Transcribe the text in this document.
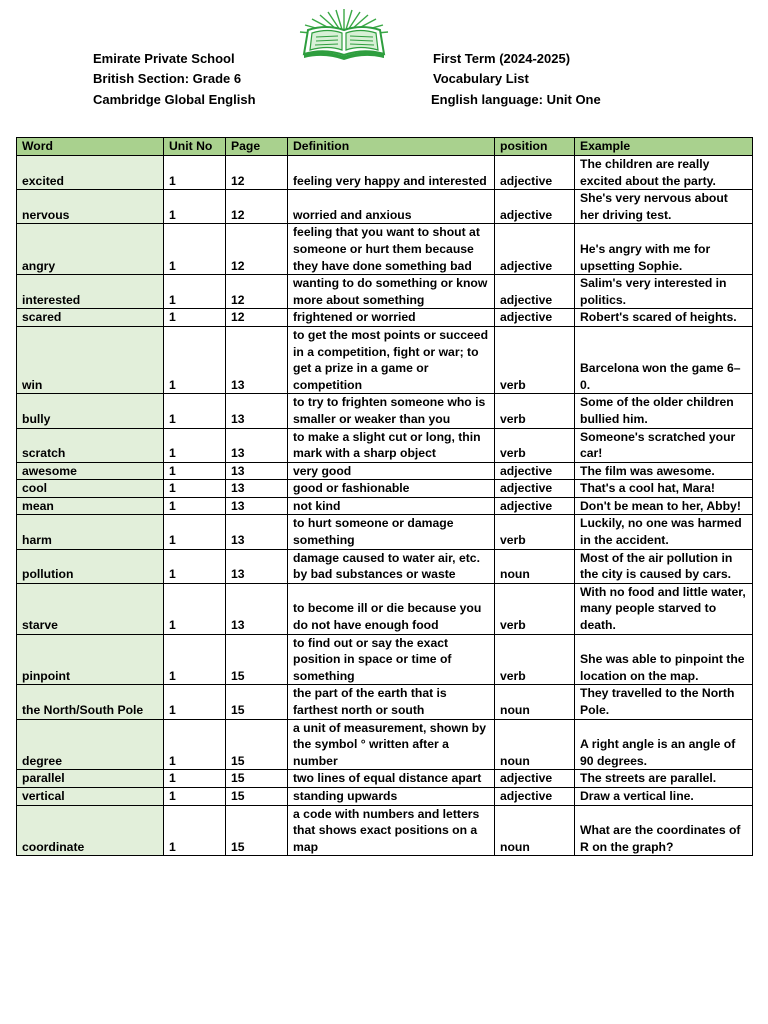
Emirate Private School
British Section: Grade 6
Cambridge Global English
First Term (2024-2025)
Vocabulary List
English language: Unit One
Word	Unit No	Page	Definition	position	Example
excited	1	12	feeling very happy and interested	adjective	The children are really excited about the party.
nervous	1	12	worried and anxious	adjective	She's very nervous about her driving test.
angry	1	12	feeling that you want to shout at someone or hurt them because they have done something bad	adjective	He's angry with me for upsetting Sophie.
interested	1	12	wanting to do something or know more about something	adjective	Salim's very interested in politics.
scared	1	12	frightened or worried	adjective	Robert's scared of heights.
win	1	13	to get the most points or succeed in a competition, fight or war; to get a prize in a game or competition	verb	Barcelona won the game 6–0.
bully	1	13	to try to frighten someone who is smaller or weaker than you	verb	Some of the older children bullied him.
scratch	1	13	to make a slight cut or long, thin mark with a sharp object	verb	Someone's scratched your car!
awesome	1	13	very good	adjective	The film was awesome.
cool	1	13	good or fashionable	adjective	That's a cool hat, Mara!
mean	1	13	not kind	adjective	Don't be mean to her, Abby!
harm	1	13	to hurt someone or damage something	verb	Luckily, no one was harmed in the accident.
pollution	1	13	damage caused to water air, etc. by bad substances or waste	noun	Most of the air pollution in the city is caused by cars.
starve	1	13	to become ill or die because you do not have enough food	verb	With no food and little water, many people starved to death.
pinpoint	1	15	to find out or say the exact position in space or time of something	verb	She was able to pinpoint the location on the map.
the North/South Pole	1	15	the part of the earth that is farthest north or south	noun	They travelled to the North Pole.
degree	1	15	a unit of measurement, shown by the symbol ° written after a number	noun	A right angle is an angle of 90 degrees.
parallel	1	15	two lines of equal distance apart	adjective	The streets are parallel.
vertical	1	15	standing upwards	adjective	Draw a vertical line.
coordinate	1	15	a code with numbers and letters that shows exact positions on a map	noun	What are the coordinates of R on the graph?
